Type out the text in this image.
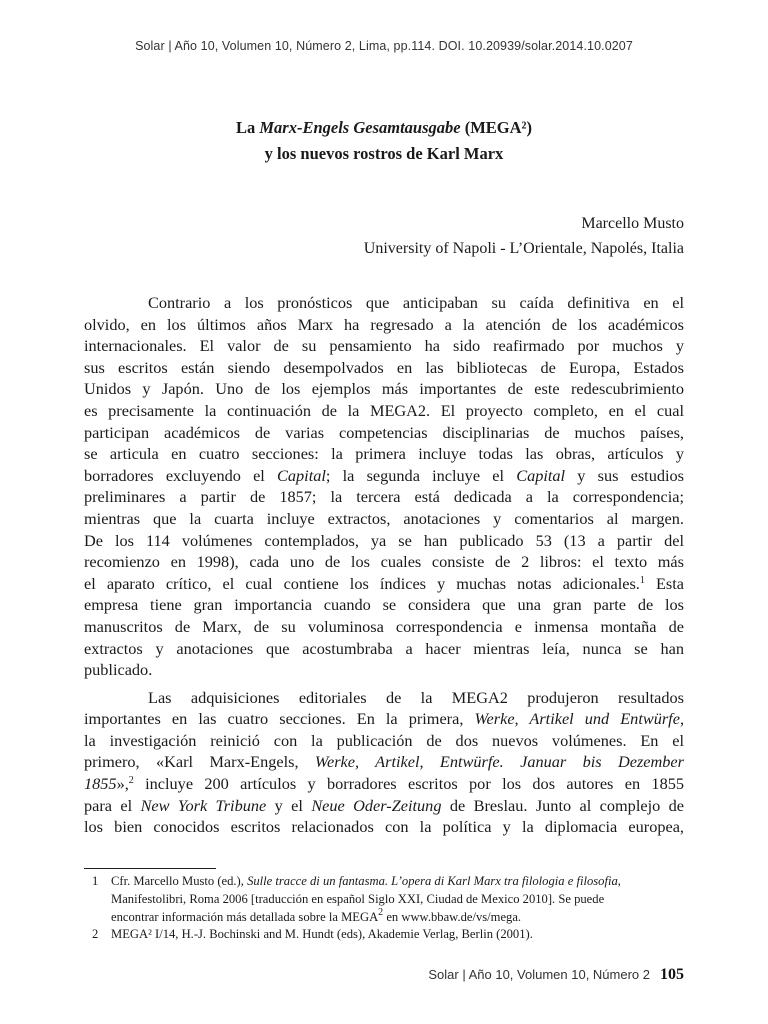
Solar | Año 10, Volumen 10, Número 2, Lima, pp.114. DOI. 10.20939/solar.2014.10.0207
La Marx-Engels Gesamtausgabe (MEGA²)
y los nuevos rostros de Karl Marx
Marcello Musto
University of Napoli - L’Orientale, Napolés, Italia
Contrario a los pronósticos que anticipaban su caída definitiva en el
olvido, en los últimos años Marx ha regresado a la atención de los académicos
internacionales. El valor de su pensamiento ha sido reafirmado por muchos y
sus escritos están siendo desempolvados en las bibliotecas de Europa, Estados
Unidos y Japón. Uno de los ejemplos más importantes de este redescubrimiento
es precisamente la continuación de la MEGA2. El proyecto completo, en el cual
participan académicos de varias competencias disciplinarias de muchos países,
se articula en cuatro secciones: la primera incluye todas las obras, artículos y
borradores excluyendo el Capital; la segunda incluye el Capital y sus estudios
preliminares a partir de 1857; la tercera está dedicada a la correspondencia;
mientras que la cuarta incluye extractos, anotaciones y comentarios al margen.
De los 114 volúmenes contemplados, ya se han publicado 53 (13 a partir del
recomienzo en 1998), cada uno de los cuales consiste de 2 libros: el texto más
el aparato crítico, el cual contiene los índices y muchas notas adicionales.$^1$ Esta
empresa tiene gran importancia cuando se considera que una gran parte de los
manuscritos de Marx, de su voluminosa correspondencia e inmensa montaña de
extractos y anotaciones que acostumbraba a hacer mientras leía, nunca se han
publicado.
Las adquisiciones editoriales de la MEGA2 produjeron resultados
importantes en las cuatro secciones. En la primera, Werke, Artikel und Entwürfe,
la investigación reinició con la publicación de dos nuevos volúmenes. En el
primero, «Karl Marx-Engels, Werke, Artikel, Entwürfe. Januar bis Dezember
1855»,$^2$ incluye 200 artículos y borradores escritos por los dos autores en 1855
para el New York Tribune y el Neue Oder-Zeitung de Breslau. Junto al complejo de
los bien conocidos escritos relacionados con la política y la diplomacia europea,
1 Cfr. Marcello Musto (ed.), Sulle tracce di un fantasma. L’opera di Karl Marx tra filologia e filosofia,
Manifestolibri, Roma 2006 [traducción en español Siglo XXI, Ciudad de Mexico 2010]. Se puede
encontrar información más detallada sobre la MEGA$^2$ en www.bbaw.de/vs/mega.
2 MEGA² I/14, H.-J. Bochinski and M. Hundt (eds), Akademie Verlag, Berlin (2001).
Solar | Año 10, Volumen 10, Número 2 105
